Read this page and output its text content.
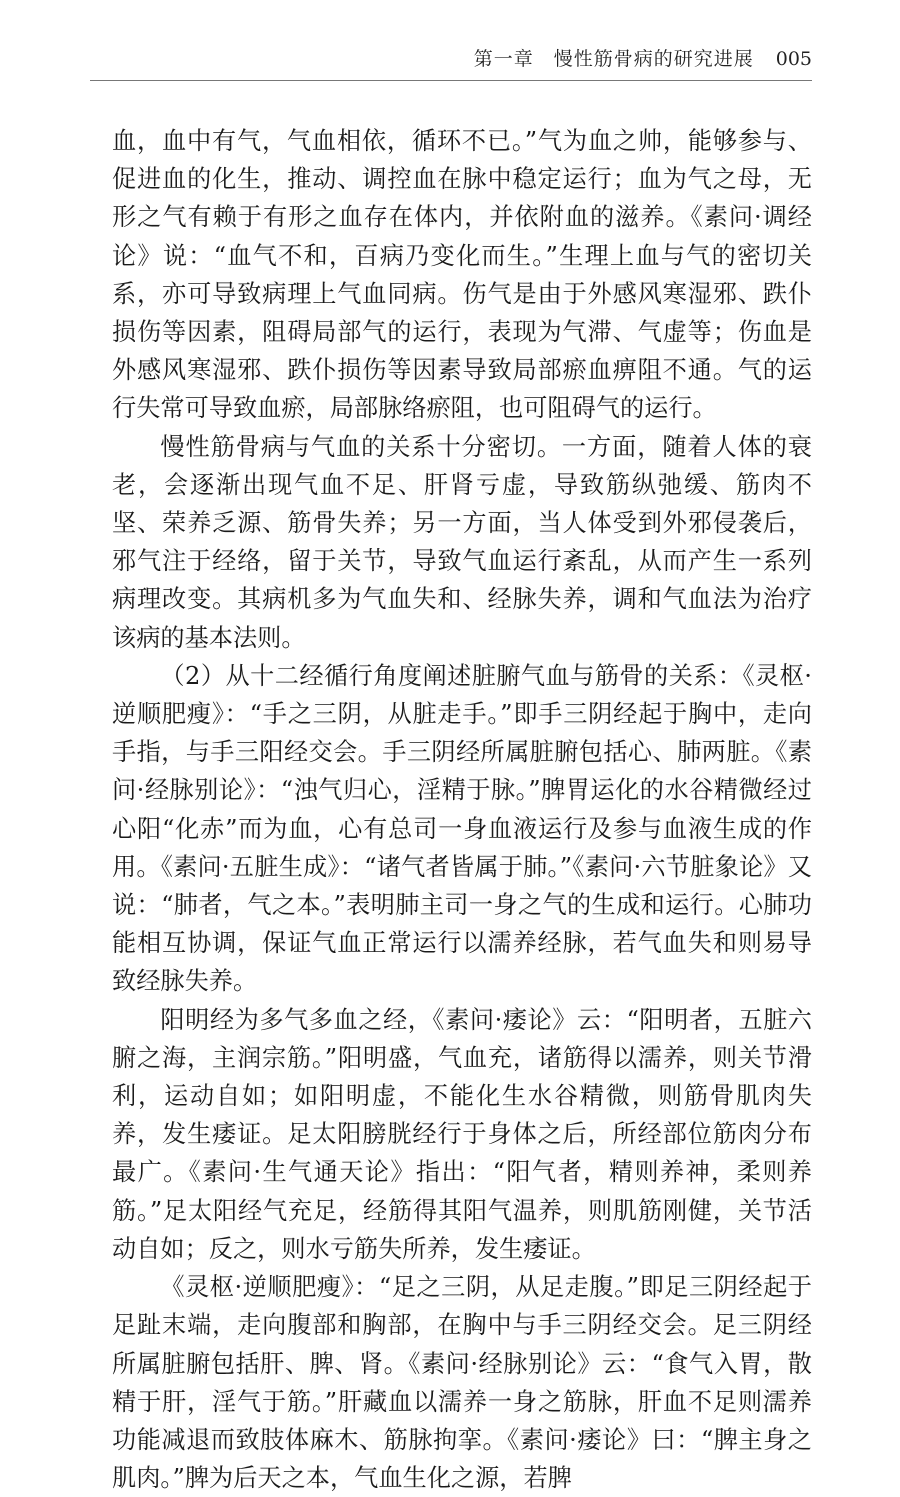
第一章　慢性筋骨病的研究进展 005

血，血中有气，气血相依，循环不已。”气为血之帅，能够参与、促进血的化生，推动、调控血在脉中稳定运行；血为气之母，无形之气有赖于有形之血存在体内，并依附血的滋养。《素问·调经论》说：“血气不和，百病乃变化而生。”生理上血与气的密切关系，亦可导致病理上气血同病。伤气是由于外感风寒湿邪、跌仆损伤等因素，阻碍局部气的运行，表现为气滞、气虚等；伤血是外感风寒湿邪、跌仆损伤等因素导致局部瘀血痹阻不通。气的运行失常可导致血瘀，局部脉络瘀阻，也可阻碍气的运行。

慢性筋骨病与气血的关系十分密切。一方面，随着人体的衰老，会逐渐出现气血不足、肝肾亏虚，导致筋纵弛缓、筋肉不坚、荣养乏源、筋骨失养；另一方面，当人体受到外邪侵袭后，邪气注于经络，留于关节，导致气血运行紊乱，从而产生一系列病理改变。其病机多为气血失和、经脉失养，调和气血法为治疗该病的基本法则。

（2）从十二经循行角度阐述脏腑气血与筋骨的关系：《灵枢·逆顺肥瘦》：“手之三阴，从脏走手。”即手三阴经起于胸中，走向手指，与手三阳经交会。手三阴经所属脏腑包括心、肺两脏。《素问·经脉别论》：“浊气归心，淫精于脉。”脾胃运化的水谷精微经过心阳“化赤”而为血，心有总司一身血液运行及参与血液生成的作用。《素问·五脏生成》：“诸气者皆属于肺。”《素问·六节脏象论》又说：“肺者，气之本。”表明肺主司一身之气的生成和运行。心肺功能相互协调，保证气血正常运行以濡养经脉，若气血失和则易导致经脉失养。

阳明经为多气多血之经，《素问·痿论》云：“阳明者，五脏六腑之海，主润宗筋。”阳明盛，气血充，诸筋得以濡养，则关节滑利，运动自如；如阳明虚，不能化生水谷精微，则筋骨肌肉失养，发生痿证。足太阳膀胱经行于身体之后，所经部位筋肉分布最广。《素问·生气通天论》指出：“阳气者，精则养神，柔则养筋。”足太阳经气充足，经筋得其阳气温养，则肌筋刚健，关节活动自如；反之，则水亏筋失所养，发生痿证。

《灵枢·逆顺肥瘦》：“足之三阴，从足走腹。”即足三阴经起于足趾末端，走向腹部和胸部，在胸中与手三阴经交会。足三阴经所属脏腑包括肝、脾、肾。《素问·经脉别论》云：“食气入胃，散精于肝，淫气于筋。”肝藏血以濡养一身之筋脉，肝血不足则濡养功能减退而致肢体麻木、筋脉拘挛。《素问·痿论》曰：“脾主身之肌肉。”脾为后天之本，气血生化之源，若脾
